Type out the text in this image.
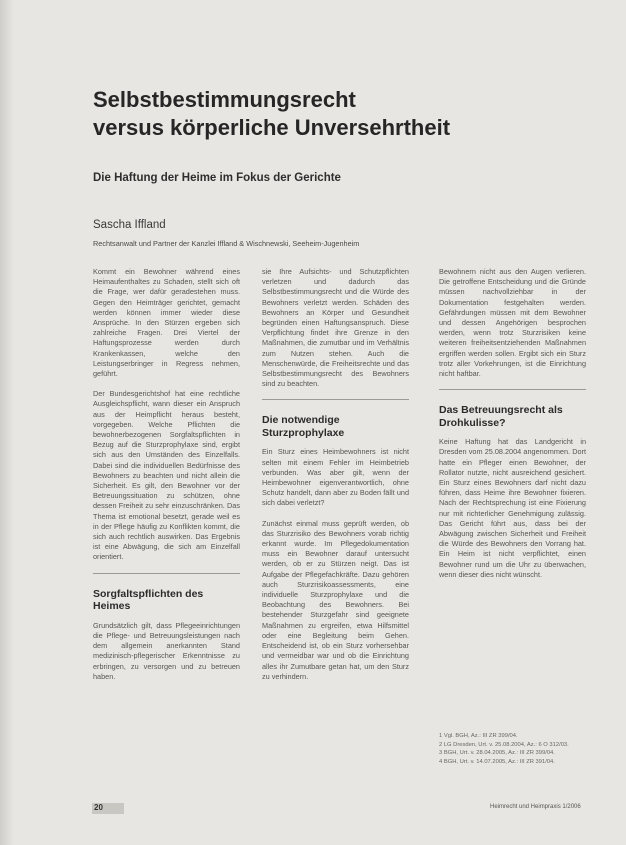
Selbstbestimmungsrecht
versus körperliche Unversehrtheit
Die Haftung der Heime im Fokus der Gerichte
Sascha Iffland
Rechtsanwalt und Partner der Kanzlei Iffland & Wischnewski, Seeheim-Jugenheim

Kommt ein Bewohner während eines Heimaufenthaltes zu Schaden, stellt sich oft die Frage, wer dafür geradestehen muss. Gegen den Heimträger gerichtet, gemacht werden können immer wieder diese Ansprüche. In den Stürzen ergeben sich zahlreiche Fragen. Drei Viertel der Haftungsprozesse werden durch Krankenkassen, welche den Leistungserbringer in Regress nehmen, geführt.

Der Bundesgerichtshof hat eine rechtliche Ausgleichspflicht, wann dieser ein Anspruch aus der Heimpflicht heraus besteht, vorgegeben. Welche Pflichten die bewohnerbezogenen Sorgfaltspflichten in Bezug auf die Sturzprophylaxe sind, ergibt sich aus den Umständen des Einzelfalls. Dabei sind die individuellen Bedürfnisse des Bewohners zu beachten und nicht allein die Sicherheit. Es gilt, den Bewohner vor der Betreuungssituation zu schützen, ohne dessen Freiheit zu sehr einzuschränken. Das Thema ist emotional besetzt, gerade weil es in der Pflege häufig zu Konflikten kommt, die sich auch rechtlich auswirken. Das Ergebnis ist eine Abwägung, die sich am Einzelfall orientiert.

Sorgfaltspflichten des Heimes

Grundsätzlich gilt, dass Pflegeeinrichtungen die Pflege- und Betreuungsleistungen nach dem allgemein anerkannten Stand medizinisch-pflegerischer Erkenntnisse zu erbringen, zu versorgen und zu betreuen haben.

sie Ihre Aufsichts- und Schutzpflichten verletzen und dadurch das Selbstbestimmungsrecht und die Würde des Bewohners verletzt werden. Schäden des Bewohners an Körper und Gesundheit begründen einen Haftungsanspruch. Diese Verpflichtung findet ihre Grenze in den Maßnahmen, die zumutbar und im Verhältnis zum Nutzen stehen. Auch die Menschenwürde, die Freiheitsrechte und das Selbstbestimmungsrecht des Bewohners sind zu beachten.

Die notwendige Sturzprophylaxe

Ein Sturz eines Heimbewohners ist nicht selten mit einem Fehler im Heimbetrieb verbunden. Was aber gilt, wenn der Heimbewohner eigenverantwortlich, ohne Schutz handelt, dann aber zu Boden fällt und sich dabei verletzt?

Zunächst einmal muss geprüft werden, ob das Sturzrisiko des Bewohners vorab richtig erkannt wurde. Im Pflegedokumentation muss ein Bewohner darauf untersucht werden, ob er zu Stürzen neigt. Das ist Aufgabe der Pflegefachkräfte. Dazu gehören auch Sturzrisikoassessments, eine individuelle Sturzprophylaxe und die Beobachtung des Bewohners. Bei bestehender Sturzgefahr sind geeignete Maßnahmen zu ergreifen, etwa Hilfsmittel oder eine Begleitung beim Gehen. Entscheidend ist, ob ein Sturz vorhersehbar und vermeidbar war und ob die Einrichtung alles ihr Zumutbare getan hat, um den Sturz zu verhindern.

Bewohnern nicht aus den Augen verlieren. Die getroffene Entscheidung und die Gründe müssen nachvollziehbar in der Dokumentation festgehalten werden. Gefährdungen müssen mit dem Bewohner und dessen Angehörigen besprochen werden, wenn trotz Sturzrisiken keine weiteren freiheitsentziehenden Maßnahmen ergriffen werden sollen. Ergibt sich ein Sturz trotz aller Vorkehrungen, ist die Einrichtung nicht haftbar.

Das Betreuungsrecht als Drohkulisse?

Keine Haftung hat das Landgericht in Dresden vom 25.08.2004 angenommen. Dort hatte ein Pfleger einen Bewohner, der Rollator nutzte, nicht ausreichend gesichert. Ein Sturz eines Bewohners darf nicht dazu führen, dass Heime ihre Bewohner fixieren. Nach der Rechtsprechung ist eine Fixierung nur mit richterlicher Genehmigung zulässig. Das Gericht führt aus, dass bei der Abwägung zwischen Sicherheit und Freiheit die Würde des Bewohners den Vorrang hat. Ein Heim ist nicht verpflichtet, einen Bewohner rund um die Uhr zu überwachen, wenn dieser dies nicht wünscht.

1 Vgl. BGH, Az.: III ZR 399/04.
2 LG Dresden, Urt. v. 25.08.2004, Az.: 6 O 312/03.
3 BGH, Urt. v. 28.04.2005, Az.: III ZR 399/04.
4 BGH, Urt. v. 14.07.2005, Az.: III ZR 391/04.
20	Heimrecht und Heimpraxis 1/2006
